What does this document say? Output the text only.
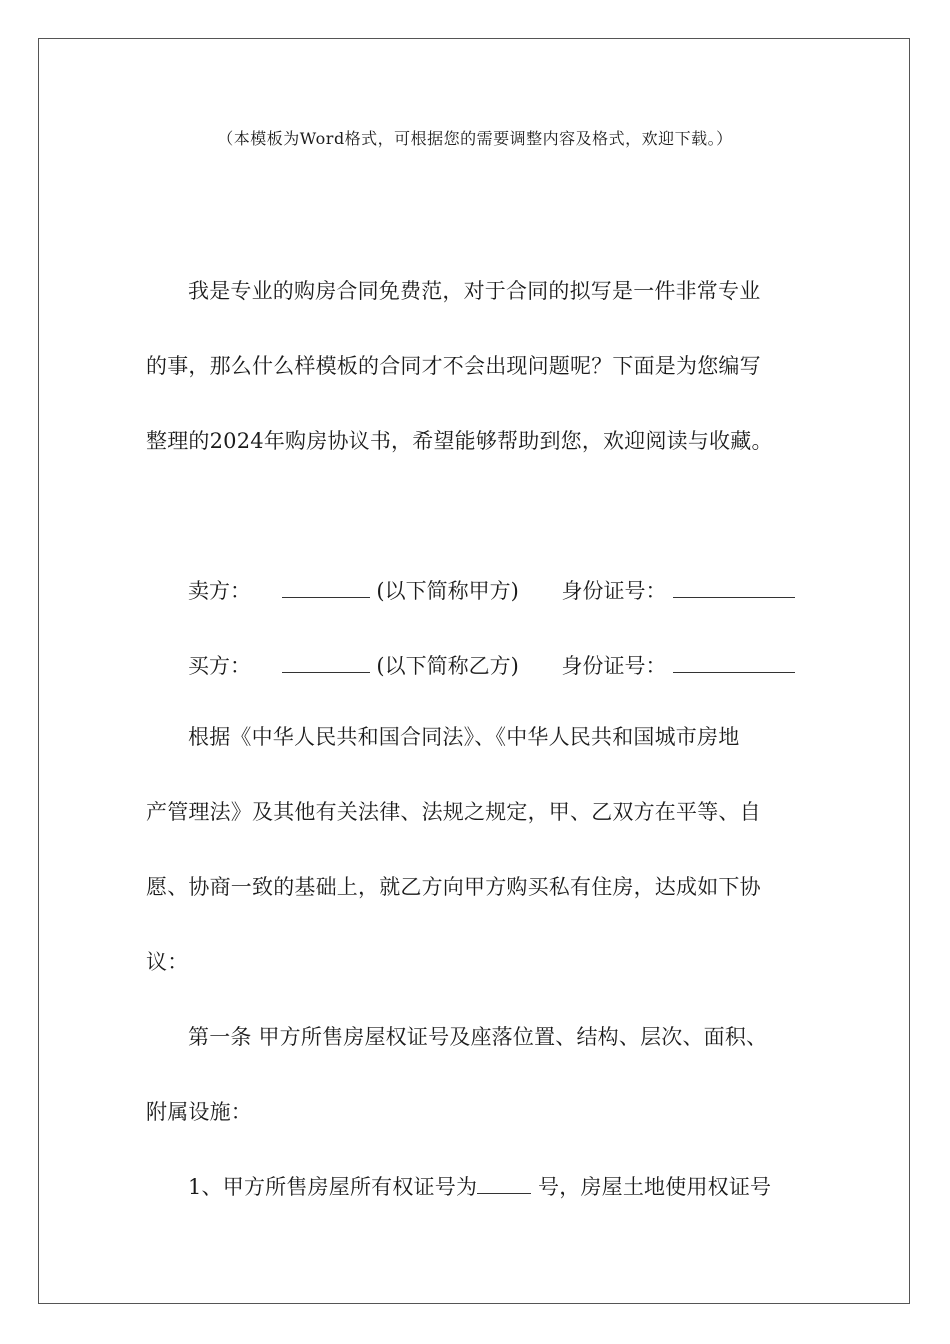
（本模板为Word格式，可根据您的需要调整内容及格式，欢迎下载。）
我是专业的购房合同免费范，对于合同的拟写是一件非常专业
的事，那么什么样模板的合同才不会出现问题呢？下面是为您编写
整理的2024年购房协议书，希望能够帮助到您，欢迎阅读与收藏。
卖方：	(以下简称甲方) 身份证号：
买方：	(以下简称乙方) 身份证号：
根据《中华人民共和国合同法》、《中华人民共和国城市房地
产管理法》及其他有关法律、法规之规定，甲、乙双方在平等、自
愿、协商一致的基础上，就乙方向甲方购买私有住房，达成如下协
议：
第一条 甲方所售房屋权证号及座落位置、结构、层次、面积、
附属设施：
1、甲方所售房屋所有权证号为	号，房屋土地使用权证号
